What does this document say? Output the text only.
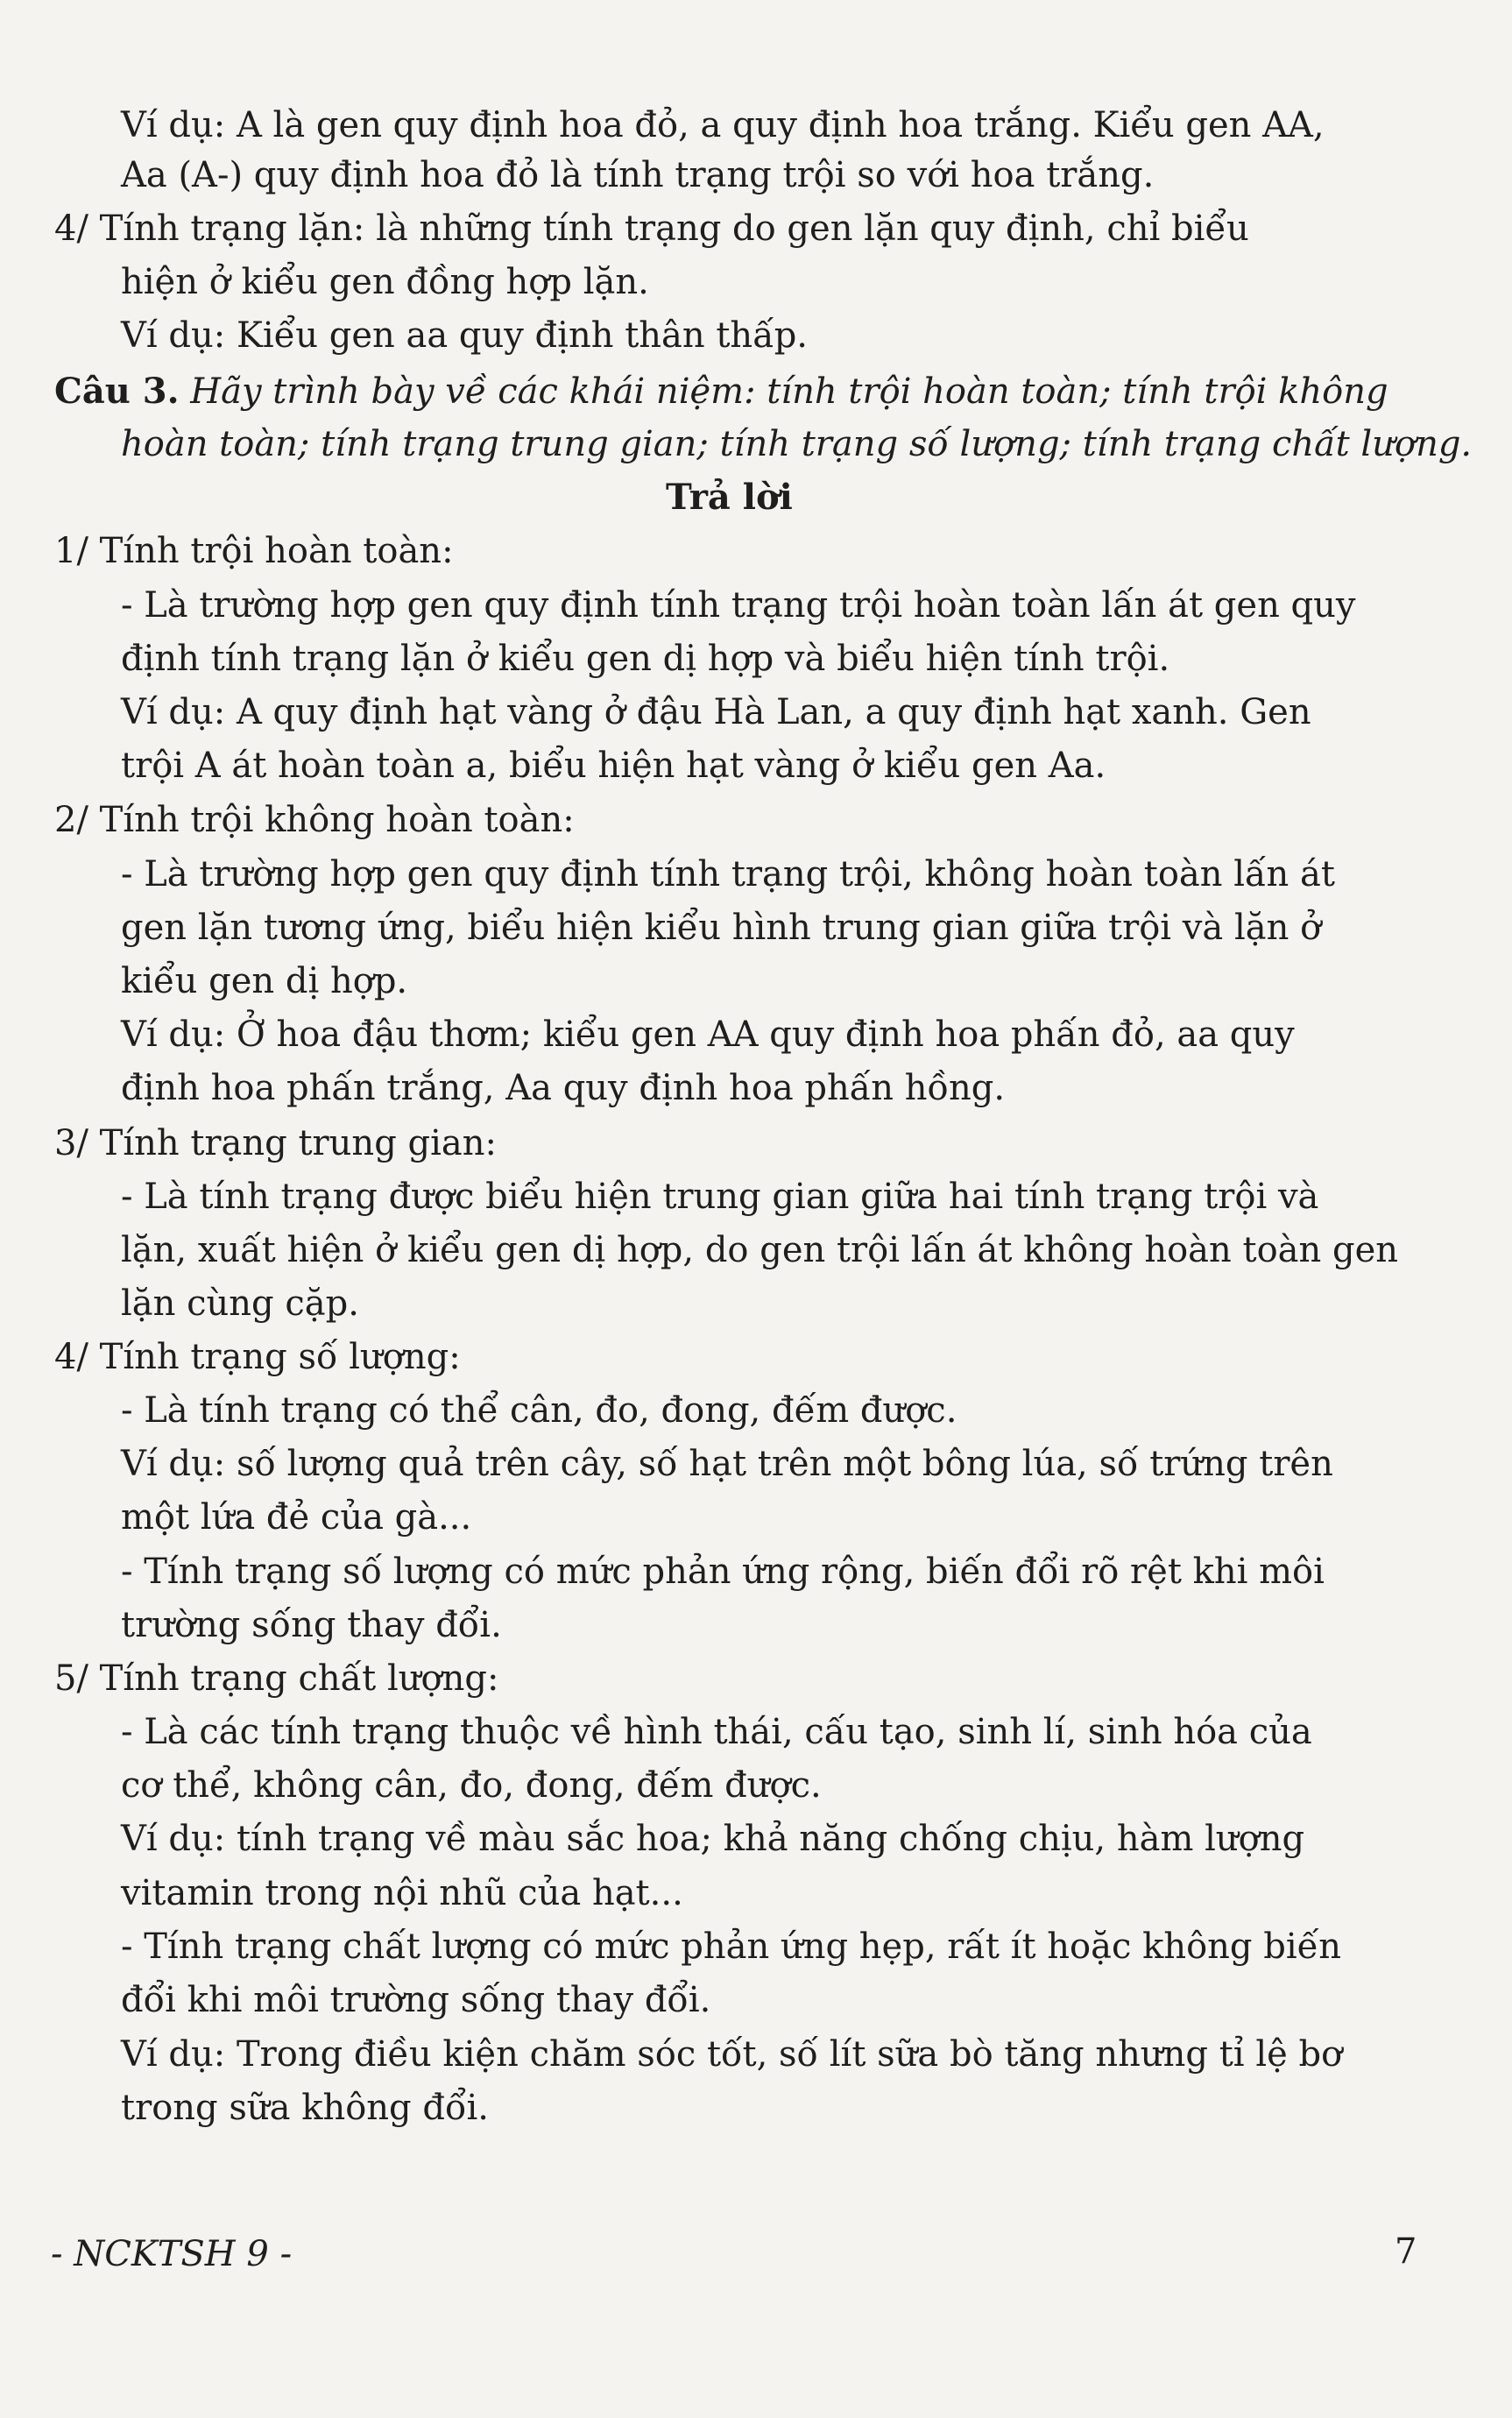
Ví dụ: A là gen quy định hoa đỏ, a quy định hoa trắng. Kiểu gen AA,
Aa (A-) quy định hoa đỏ là tính trạng trội so với hoa trắng.
4/ Tính trạng lặn: là những tính trạng do gen lặn quy định, chỉ biểu
hiện ở kiểu gen đồng hợp lặn.
Ví dụ: Kiểu gen aa quy định thân thấp.
Câu 3. Hãy trình bày về các khái niệm: tính trội hoàn toàn; tính trội không
hoàn toàn; tính trạng trung gian; tính trạng số lượng; tính trạng chất lượng.
Trả lời
1/ Tính trội hoàn toàn:
- Là trường hợp gen quy định tính trạng trội hoàn toàn lấn át gen quy
định tính trạng lặn ở kiểu gen dị hợp và biểu hiện tính trội.
Ví dụ: A quy định hạt vàng ở đậu Hà Lan, a quy định hạt xanh. Gen
trội A át hoàn toàn a, biểu hiện hạt vàng ở kiểu gen Aa.
2/ Tính trội không hoàn toàn:
- Là trường hợp gen quy định tính trạng trội, không hoàn toàn lấn át
gen lặn tương ứng, biểu hiện kiểu hình trung gian giữa trội và lặn ở
kiểu gen dị hợp.
Ví dụ: Ở hoa đậu thơm; kiểu gen AA quy định hoa phấn đỏ, aa quy
định hoa phấn trắng, Aa quy định hoa phấn hồng.
3/ Tính trạng trung gian:
- Là tính trạng được biểu hiện trung gian giữa hai tính trạng trội và
lặn, xuất hiện ở kiểu gen dị hợp, do gen trội lấn át không hoàn toàn gen
lặn cùng cặp.
4/ Tính trạng số lượng:
- Là tính trạng có thể cân, đo, đong, đếm được.
Ví dụ: số lượng quả trên cây, số hạt trên một bông lúa, số trứng trên
một lứa đẻ của gà...
- Tính trạng số lượng có mức phản ứng rộng, biến đổi rõ rệt khi môi
trường sống thay đổi.
5/ Tính trạng chất lượng:
- Là các tính trạng thuộc về hình thái, cấu tạo, sinh lí, sinh hóa của
cơ thể, không cân, đo, đong, đếm được.
Ví dụ: tính trạng về màu sắc hoa; khả năng chống chịu, hàm lượng
vitamin trong nội nhũ của hạt...
- Tính trạng chất lượng có mức phản ứng hẹp, rất ít hoặc không biến
đổi khi môi trường sống thay đổi.
Ví dụ: Trong điều kiện chăm sóc tốt, số lít sữa bò tăng nhưng tỉ lệ bơ
trong sữa không đổi.
- NCKTSH 9 -	7
